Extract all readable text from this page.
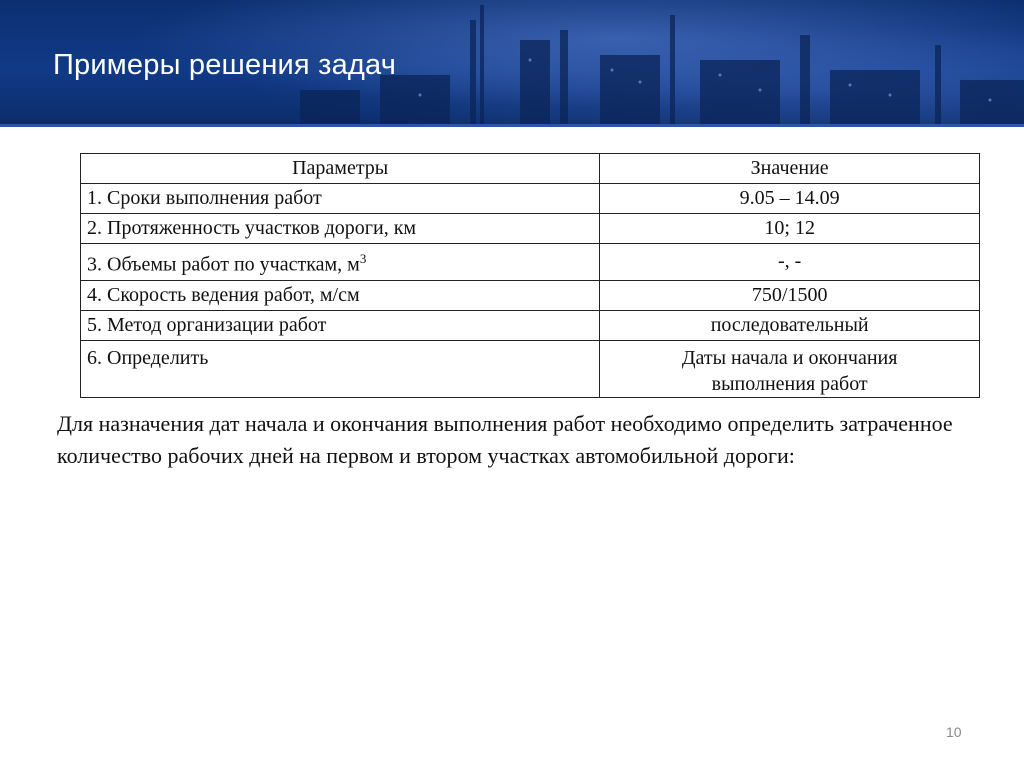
Примеры решения задач
Параметры	Значение
1. Сроки выполнения работ	9.05 – 14.09
2. Протяженность участков дороги, км	10; 12
3. Объемы работ по участкам, $м^3$	-, -
4. Скорость ведения работ, м/см	750/1500
5. Метод организации работ	последовательный
6. Определить	Даты начала и окончания
выполнения работ
Для назначения дат начала и окончания выполнения работ необходимо определить затраченное количество рабочих дней на первом и втором участках автомобильной дороги:
10
